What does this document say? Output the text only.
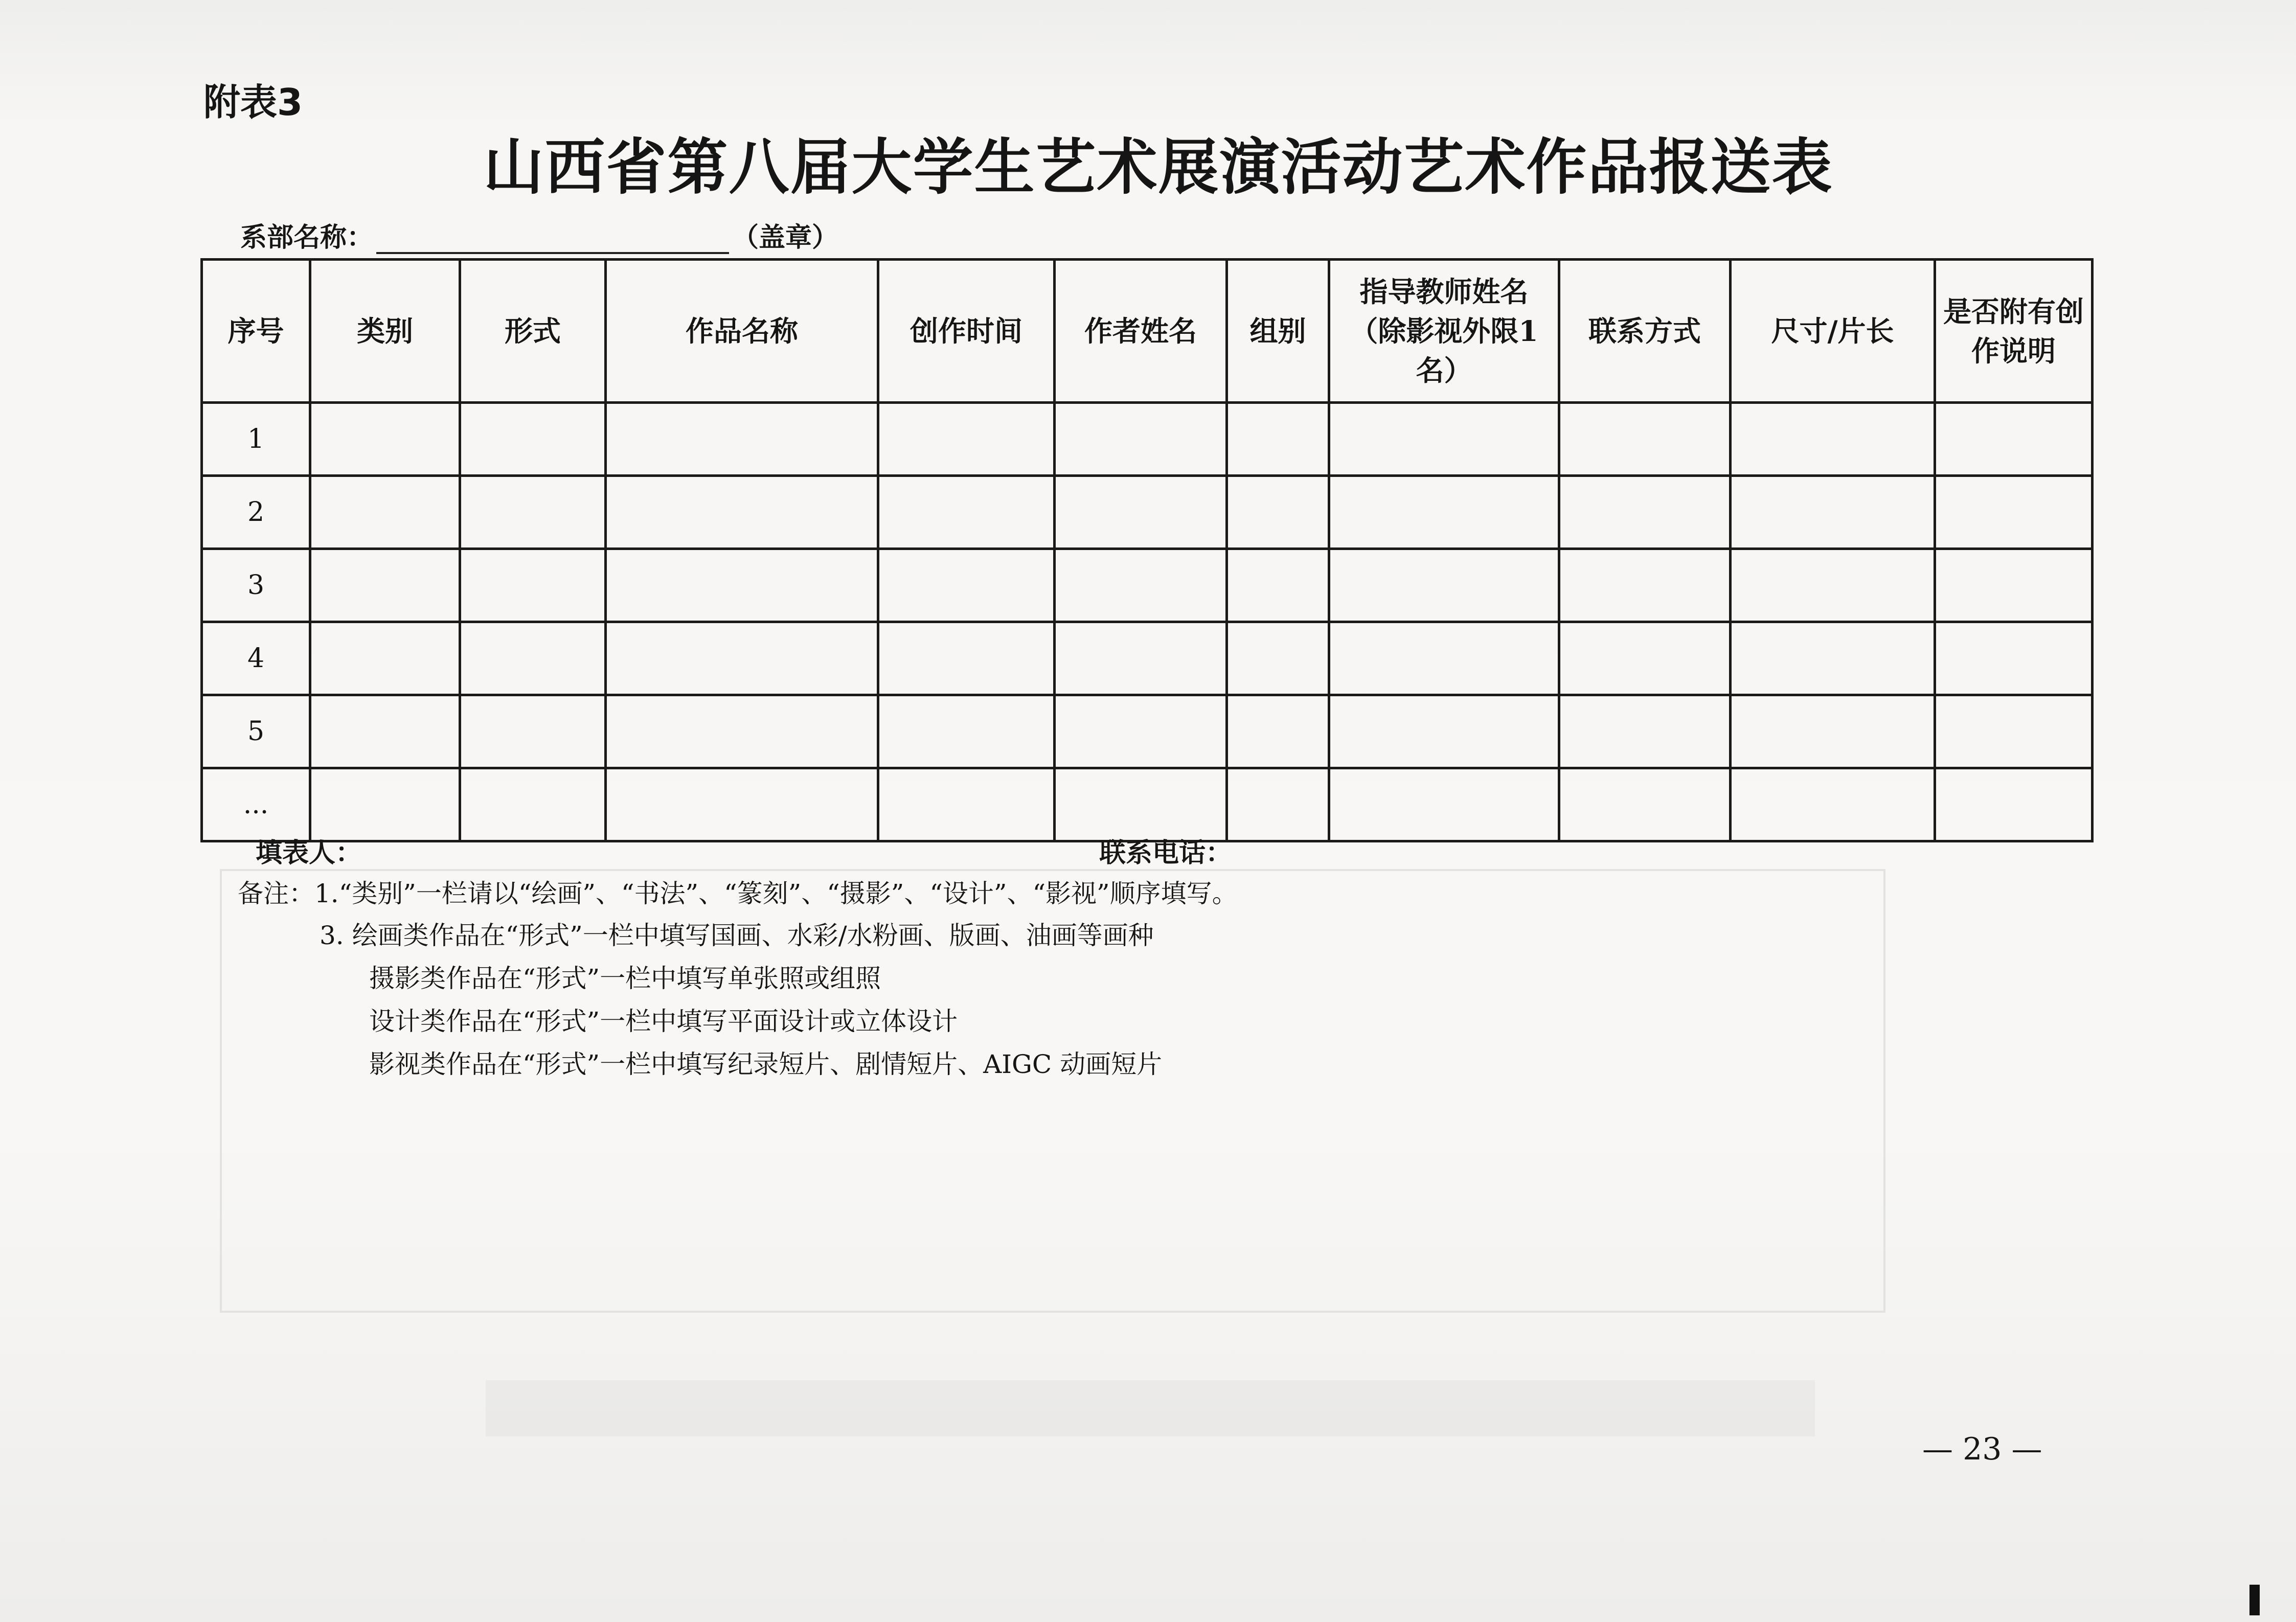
附表3
山西省第八届大学生艺术展演活动艺术作品报送表
系部名称：	（盖章）
序号	类别	形式	作品名称	创作时间	作者姓名	组别	指导教师姓名（除影视外限1名）	联系方式	尺寸/片长	是否附有创作说明
1										
2										
3										
4										
5										
...										
填表人：	联系电话：
备注：1.“类别”一栏请以“绘画”、“书法”、“篆刻”、“摄影”、“设计”、“影视”顺序填写。
3. 绘画类作品在“形式”一栏中填写国画、水彩/水粉画、版画、油画等画种
摄影类作品在“形式”一栏中填写单张照或组照
设计类作品在“形式”一栏中填写平面设计或立体设计
影视类作品在“形式”一栏中填写纪录短片、剧情短片、AIGC 动画短片
— 23 —
